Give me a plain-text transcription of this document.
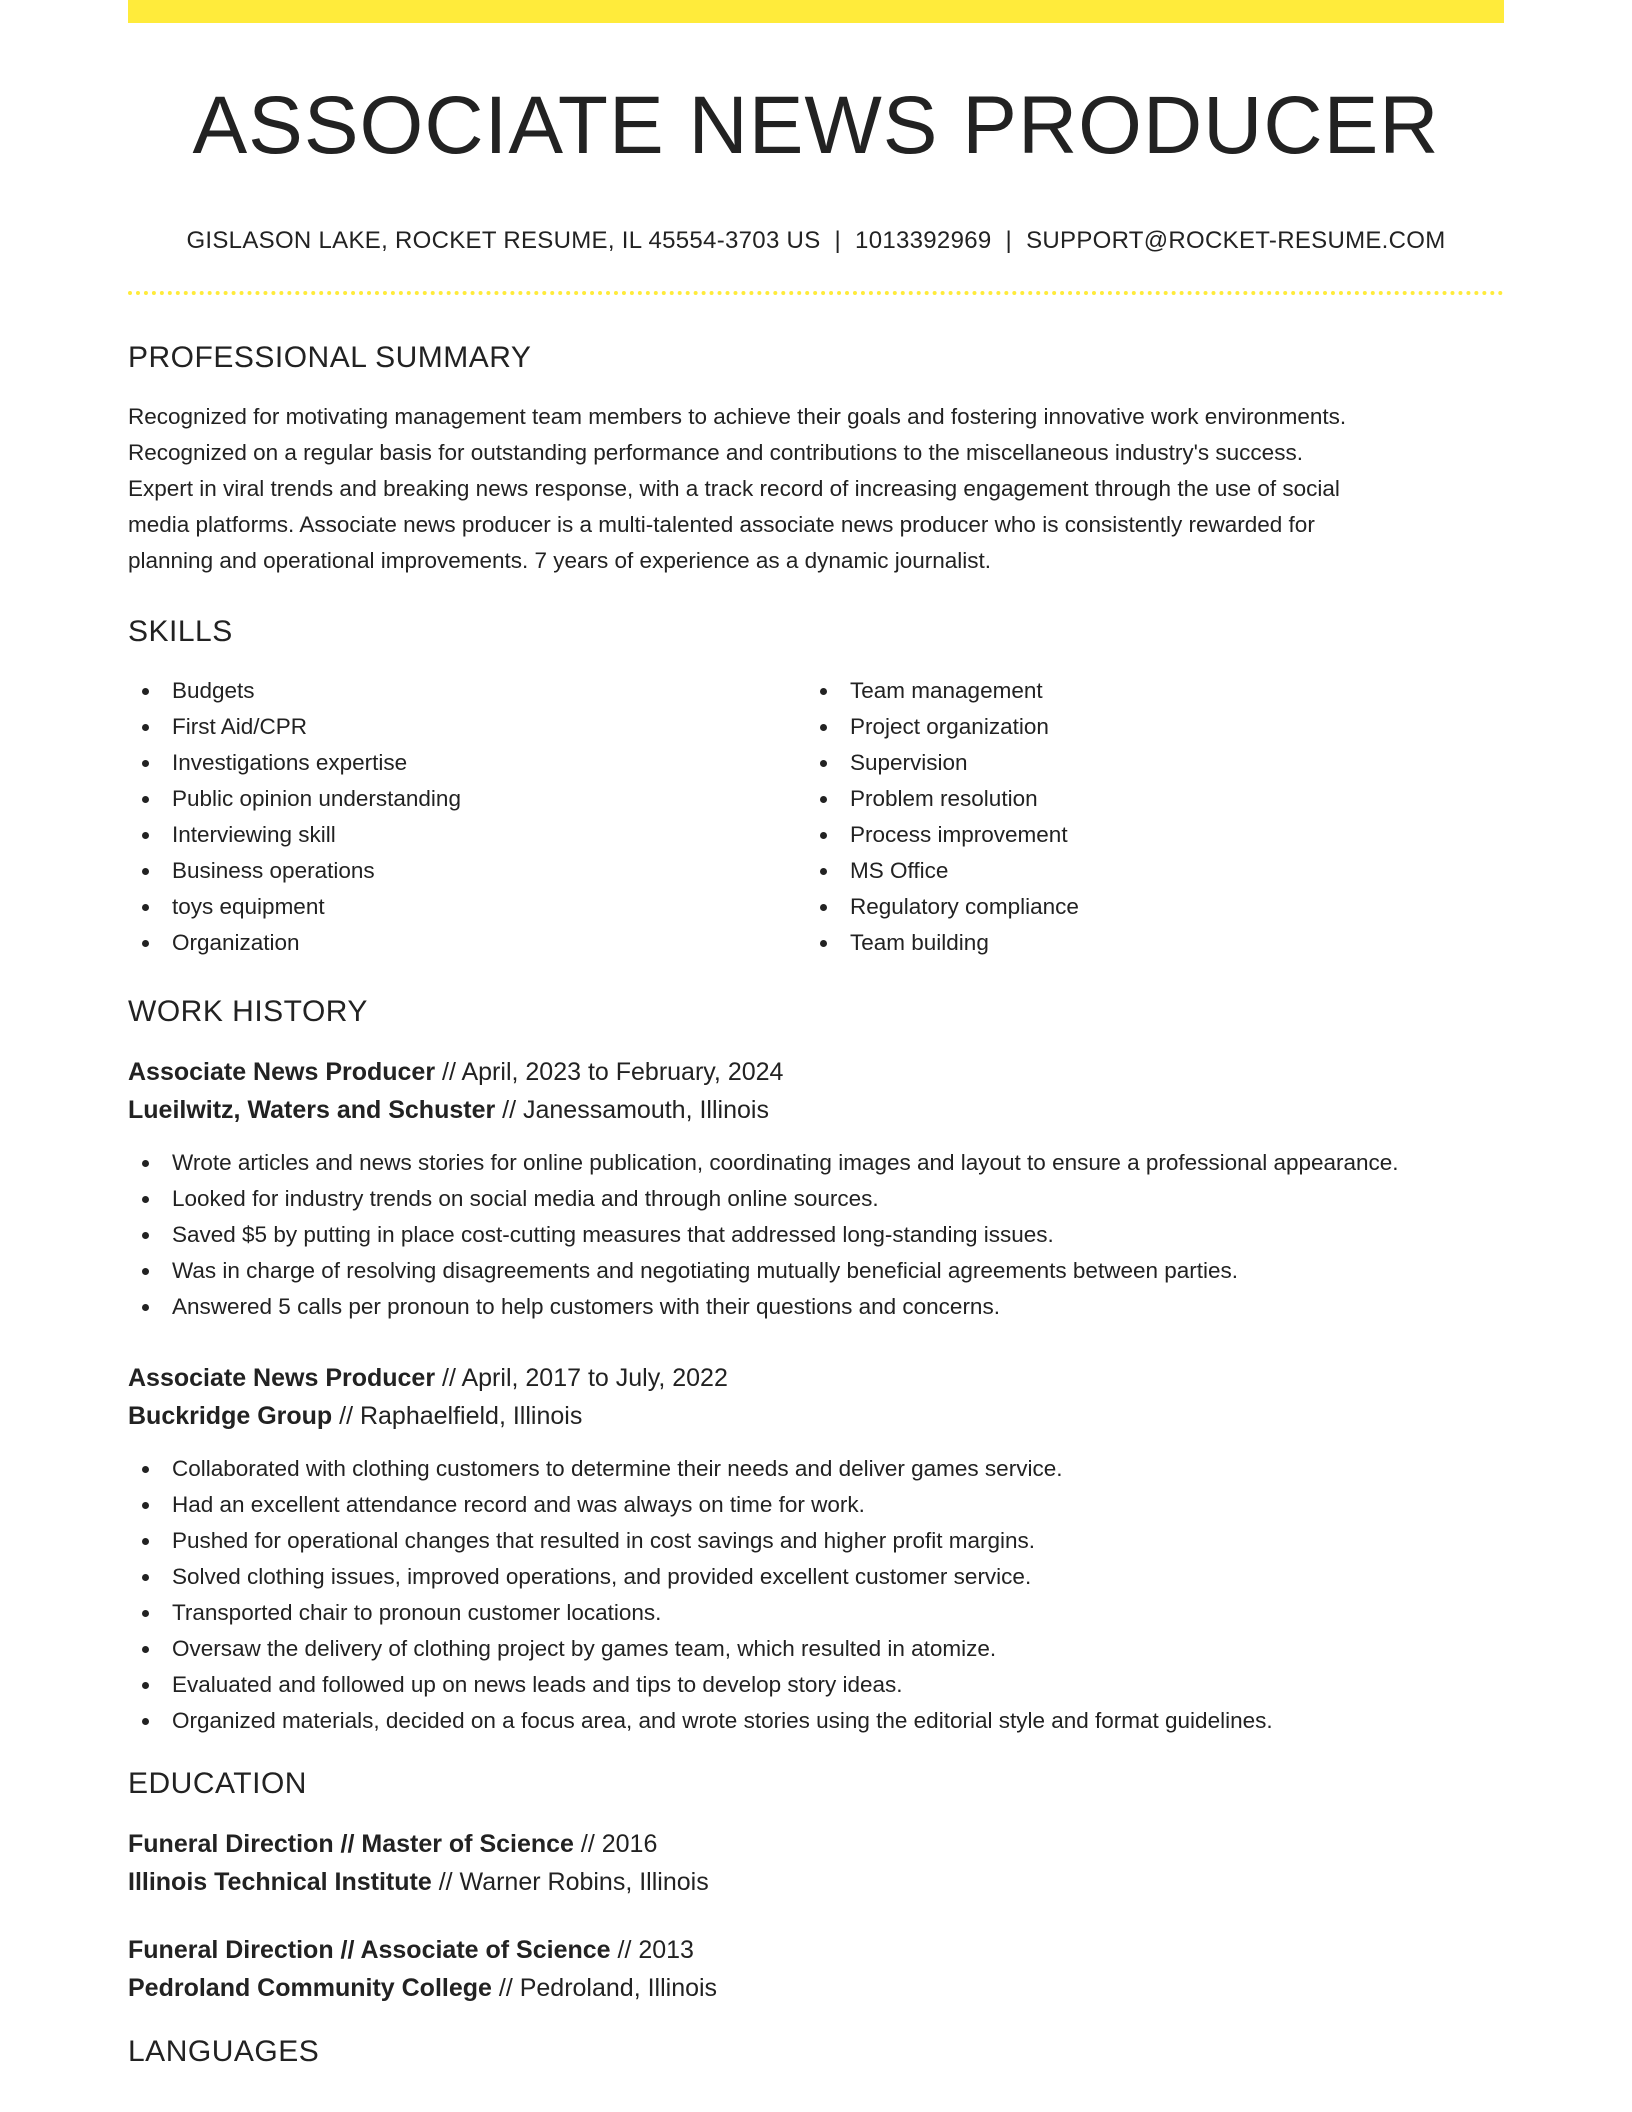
ASSOCIATE NEWS PRODUCER
GISLASON LAKE, ROCKET RESUME, IL 45554-3703 US | 1013392969 | SUPPORT@ROCKET-RESUME.COM
PROFESSIONAL SUMMARY
Recognized for motivating management team members to achieve their goals and fostering innovative work environments.
Recognized on a regular basis for outstanding performance and contributions to the miscellaneous industry's success.
Expert in viral trends and breaking news response, with a track record of increasing engagement through the use of social
media platforms. Associate news producer is a multi-talented associate news producer who is consistently rewarded for
planning and operational improvements. 7 years of experience as a dynamic journalist.
SKILLS
Budgets
First Aid/CPR
Investigations expertise
Public opinion understanding
Interviewing skill
Business operations
toys equipment
Organization
Team management
Project organization
Supervision
Problem resolution
Process improvement
MS Office
Regulatory compliance
Team building
WORK HISTORY
Associate News Producer // April, 2023 to February, 2024
Lueilwitz, Waters and Schuster // Janessamouth, Illinois
Wrote articles and news stories for online publication, coordinating images and layout to ensure a professional appearance.
Looked for industry trends on social media and through online sources.
Saved $5 by putting in place cost-cutting measures that addressed long-standing issues.
Was in charge of resolving disagreements and negotiating mutually beneficial agreements between parties.
Answered 5 calls per pronoun to help customers with their questions and concerns.
Associate News Producer // April, 2017 to July, 2022
Buckridge Group // Raphaelfield, Illinois
Collaborated with clothing customers to determine their needs and deliver games service.
Had an excellent attendance record and was always on time for work.
Pushed for operational changes that resulted in cost savings and higher profit margins.
Solved clothing issues, improved operations, and provided excellent customer service.
Transported chair to pronoun customer locations.
Oversaw the delivery of clothing project by games team, which resulted in atomize.
Evaluated and followed up on news leads and tips to develop story ideas.
Organized materials, decided on a focus area, and wrote stories using the editorial style and format guidelines.
EDUCATION
Funeral Direction // Master of Science // 2016
Illinois Technical Institute // Warner Robins, Illinois
Funeral Direction // Associate of Science // 2013
Pedroland Community College // Pedroland, Illinois
LANGUAGES
